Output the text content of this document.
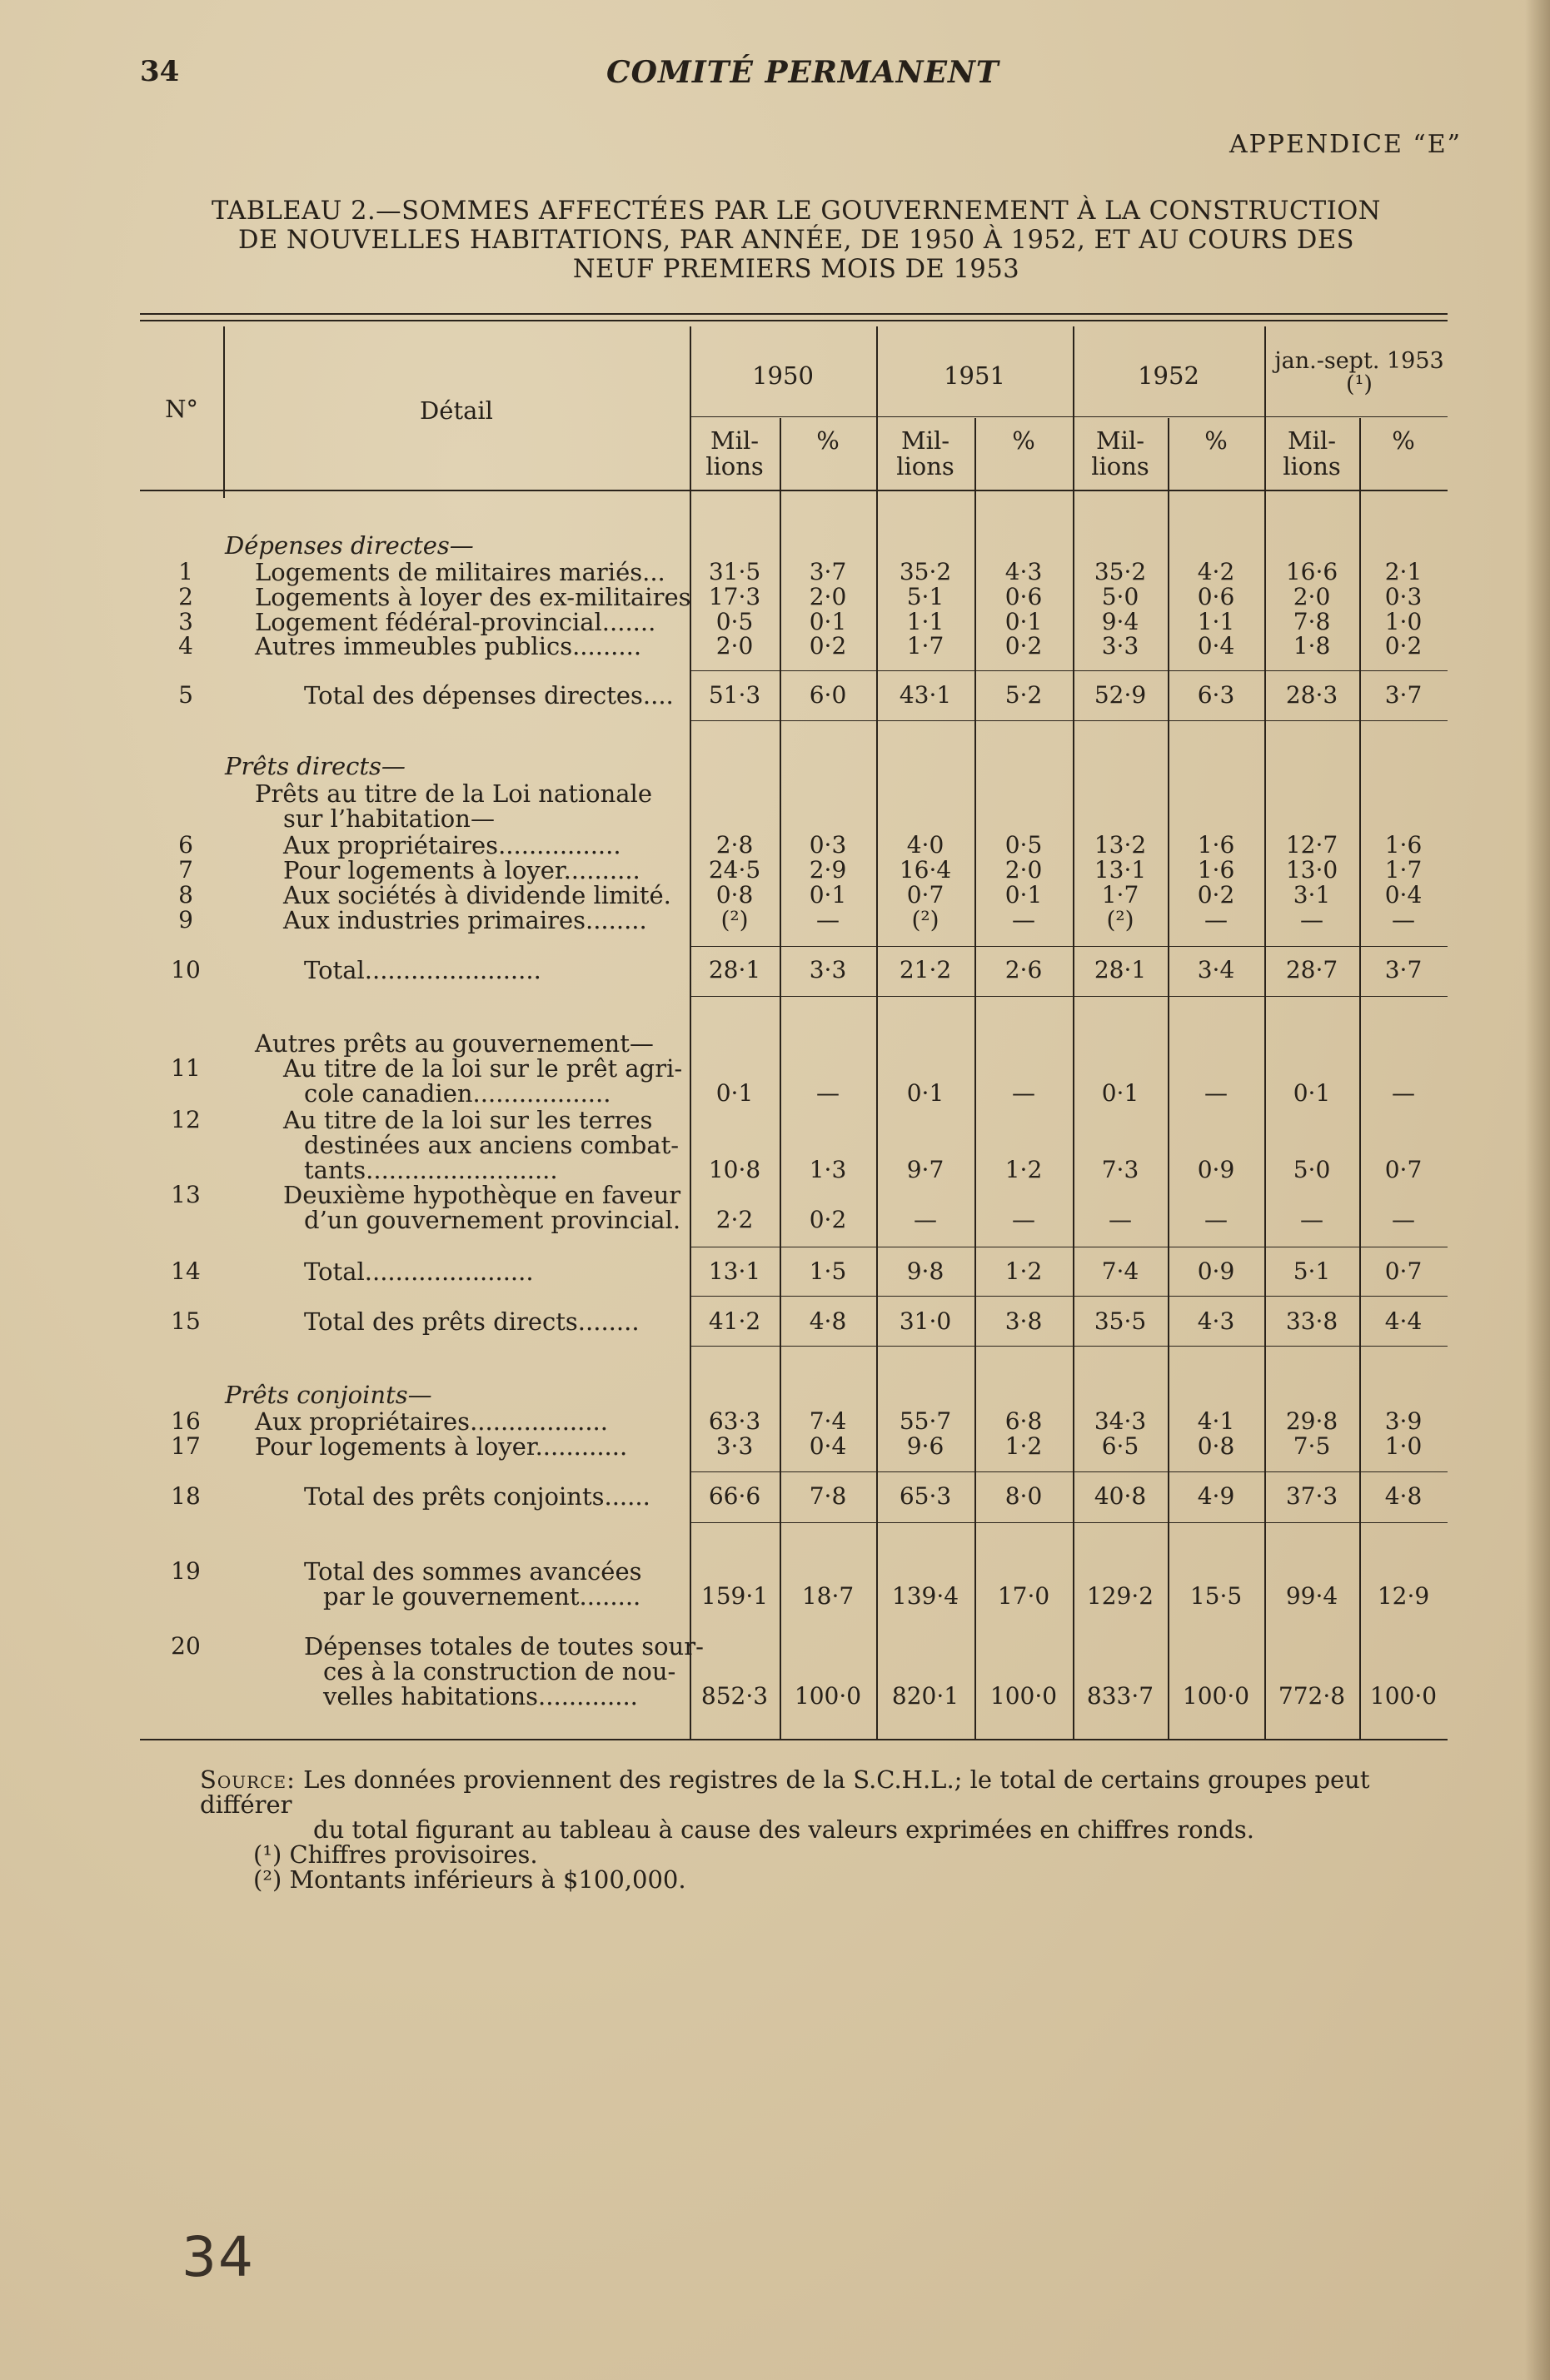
34	COMITÉ PERMANENT
APPENDICE “E”
TABLEAU 2.—SOMMES AFFECTÉES PAR LE GOUVERNEMENT À LA CONSTRUCTION
DE NOUVELLES HABITATIONS, PAR ANNÉE, DE 1950 À 1952, ET AU COURS DES
NEUF PREMIERS MOIS DE 1953
N°	Détail
1950	1951	1952
jan.-sept. 1953 (¹)
Mil-
lions
%	Mil-
lions
%	Mil-
lions
%	Mil-
lions
%
Dépenses directes—
1	Logements de militaires mariés...	31·5	3·7	35·2	4·3	35·2	4·2	16·6	2·1
2	Logements à loyer des ex-militaires 17·3	2·0	5·1	0·6	5·0	0·6	2·0	0·3
3	Logement fédéral-provincial.......	0·5	0·1	1·1	0·1	9·4	1·1	7·8	1·0
4	Autres immeubles publics.........	2·0	0·2	1·7	0·2	3·3	0·4	1·8	0·2
5	Total des dépenses directes....	51·3	6·0	43·1	5·2	52·9	6·3	28·3	3·7
Prêts directs—
Prêts au titre de la Loi nationale
sur l’habitation—
6	Aux propriétaires................	2·8	0·3	4·0	0·5	13·2	1·6	12·7	1·6
7	Pour logements à loyer..........	24·5	2·9	16·4	2·0	13·1	1·6	13·0	1·7
8	Aux sociétés à dividende limité.	0·8	0·1	0·7	0·1	1·7	0·2	3·1	0·4
9	Aux industries primaires........	(²)	—	(²)	—	(²)	—	—	—
10	Total.......................	28·1	3·3	21·2	2·6	28·1	3·4	28·7	3·7
Autres prêts au gouvernement—
11	Au titre de la loi sur le prêt agri-
cole canadien..................	0·1	—	0·1	—	0·1	—	0·1	—
12	Au titre de la loi sur les terres
destinées aux anciens combat-
tants.........................	10·8	1·3	9·7	1·2	7·3	0·9	5·0	0·7
13	Deuxième hypothèque en faveur
d’un gouvernement provincial.	2·2	0·2	—	—	—	—	—	—
14	Total......................	13·1	1·5	9·8	1·2	7·4	0·9	5·1	0·7
15	Total des prêts directs........	41·2	4·8	31·0	3·8	35·5	4·3	33·8	4·4
Prêts conjoints—
16 Aux propriétaires..................	63·3	7·4	55·7	6·8	34·3	4·1	29·8	3·9
17 Pour logements à loyer............	3·3	0·4	9·6	1·2	6·5	0·8	7·5	1·0
18	Total des prêts conjoints......	66·6	7·8	65·3	8·0	40·8	4·9	37·3	4·8
19	Total des sommes avancées
par le gouvernement........	159·1	18·7	139·4	17·0	129·2	15·5	99·4	12·9
20	Dépenses totales de toutes sour-
ces à la construction de nou-
velles habitations.............	852·3	100·0	820·1	100·0	833·7	100·0	772·8	100·0
Source: Les données proviennent des registres de la S.C.H.L.; le total de certains groupes peut différer
du total figurant au tableau à cause des valeurs exprimées en chiffres ronds.
(¹) Chiffres provisoires.
(²) Montants inférieurs à $100,000.
34
